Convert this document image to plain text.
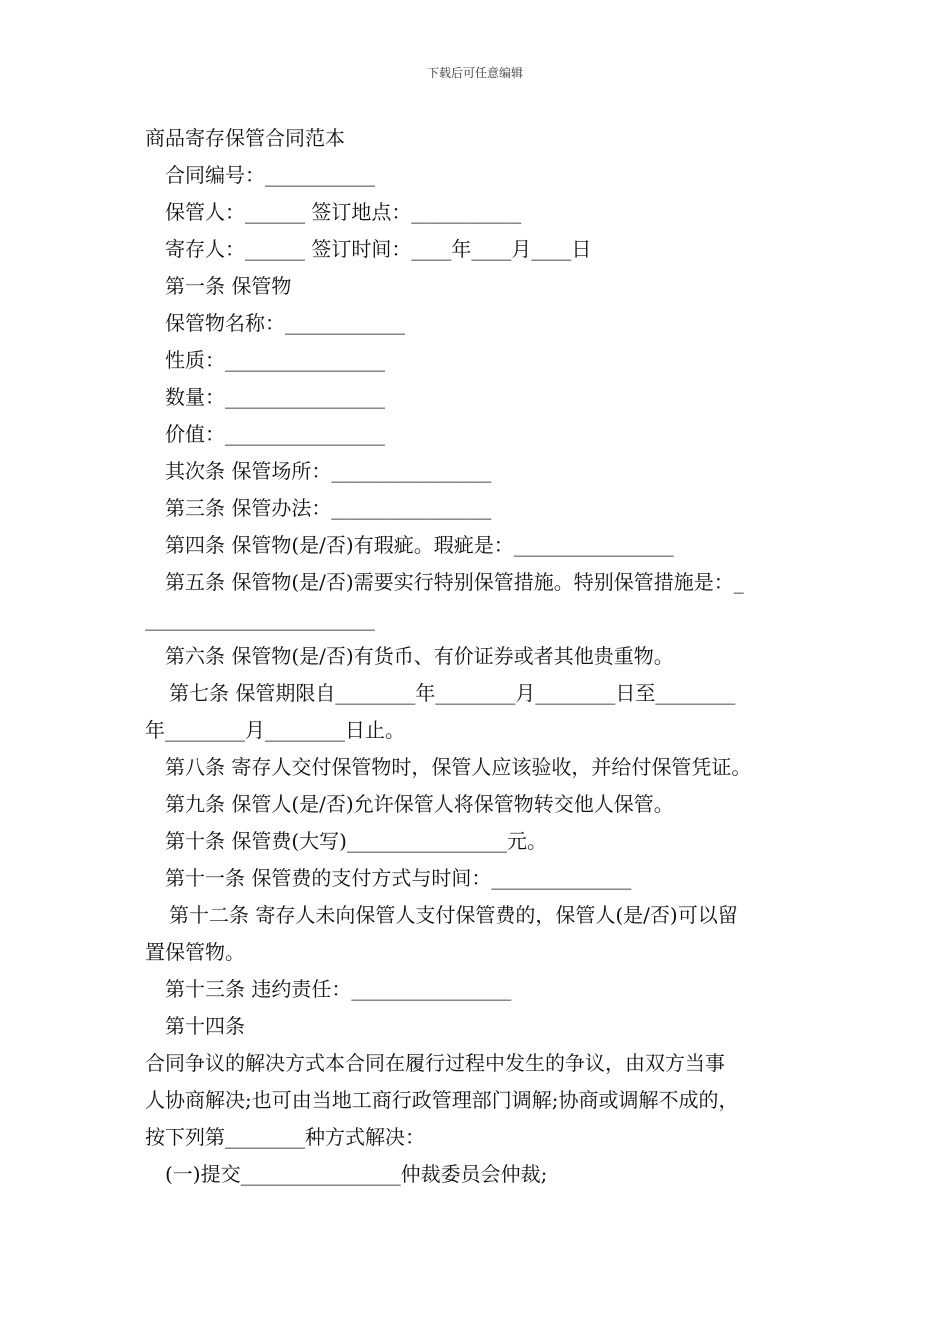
下载后可任意编辑
商品寄存保管合同范本
合同编号：___________
保管人：______ 签订地点：___________
寄存人：______ 签订时间：____年____月____日
第一条 保管物
保管物名称：____________
性质：________________
数量：________________
价值：________________
其次条 保管场所：________________
第三条 保管办法：________________
第四条 保管物(是/否)有瑕疵。瑕疵是：________________
第五条 保管物(是/否)需要实行特别保管措施。特别保管措施是：_
_______________________
第六条 保管物(是/否)有货币、有价证券或者其他贵重物。
第七条 保管期限自________年________月________日至________
年________月________日止。
第八条 寄存人交付保管物时，保管人应该验收，并给付保管凭证。
第九条 保管人(是/否)允许保管人将保管物转交他人保管。
第十条 保管费(大写)________________元。
第十一条 保管费的支付方式与时间：______________
第十二条 寄存人未向保管人支付保管费的，保管人(是/否)可以留
置保管物。
第十三条 违约责任：________________
第十四条
合同争议的解决方式本合同在履行过程中发生的争议，由双方当事
人协商解决;也可由当地工商行政管理部门调解;协商或调解不成的，
按下列第________种方式解决：
(一)提交________________仲裁委员会仲裁;
